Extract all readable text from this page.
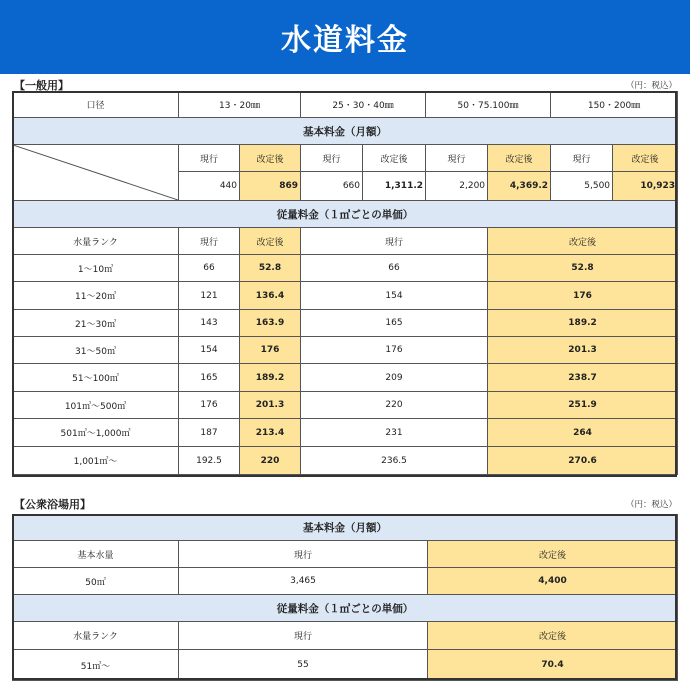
水道料金
【一般用】	（円：税込）
口径	13・20㎜		25・30・40㎜		50・75.100㎜		150・200㎜	
基本料金（月額）								

	現行	改定後	現行	改定後	現行	改定後	現行	改定後
	440	869	660	1,311.2	2,200	4,369.2	5,500	10,923
従量料金（１㎥ごとの単価）								
水量ランク	現行	改定後	現行			改定後		
1～10㎥	66	52.8	66			52.8		
11～20㎥	121	136.4	154			176		
21～30㎥	143	163.9	165			189.2		
31～50㎥	154	176	176			201.3		
51～100㎥	165	189.2	209			238.7		
101㎥～500㎥	176	201.3	220			251.9		
501㎥～1,000㎥	187	213.4	231			264		
1,001㎥～	192.5	220	236.5			270.6		
【公衆浴場用】	（円：税込）
基本料金（月額）		
基本水量	現行	改定後
50㎥	3,465	4,400
従量料金（１㎥ごとの単価）		
水量ランク	現行	改定後
51㎥～	55	70.4
